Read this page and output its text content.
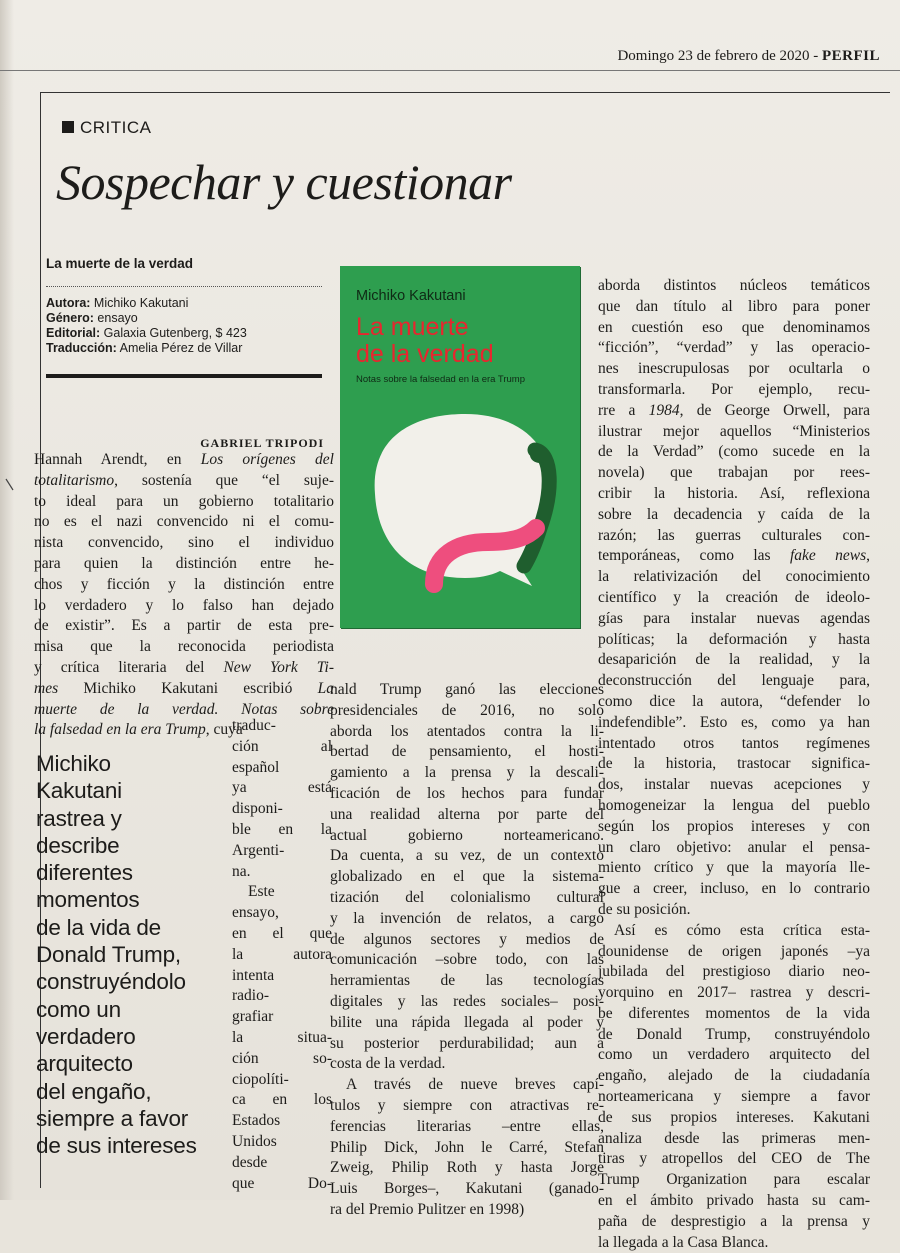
Domingo 23 de febrero de 2020 - PERFIL
CRITICA
Sospechar y cuestionar
La muerte de la verdad
Autora: Michiko Kakutani
Género: ensayo
Editorial: Galaxia Gutenberg, $ 423
Traducción: Amelia Pérez de Villar
GABRIEL TRIPODI
Michiko Kakutani
La muerte
de la verdad
Notas sobre la falsedad en la era Trump
Hannah Arendt, en Los orígenes del
totalitarismo, sostenía que “el suje-
to ideal para un gobierno totalitario
no es el nazi convencido ni el comu-
nista convencido, sino el individuo
para quien la distinción entre he-
chos y ficción y la distinción entre
lo verdadero y lo falso han dejado
de existir”. Es a partir de esta pre-
misa que la reconocida periodista
y crítica literaria del New York Ti-
mes Michiko Kakutani escribió La
muerte de la verdad. Notas sobre
la falsedad en la era Trump, cuya
traduc-
ción al
español
ya está
disponi-
ble en la
Argenti-
na.
Este
ensayo,
en el que
la autora
intenta
radio-
grafiar
la situa-
ción so-
ciopolíti-
ca en los
Estados
Unidos
desde
que Do-
Michiko
Kakutani
rastrea y
describe
diferentes
momentos
de la vida de
Donald Trump,
construyéndolo
como un
verdadero
arquitecto
del engaño,
siempre a favor
de sus intereses
nald Trump ganó las elecciones
presidenciales de 2016, no solo
aborda los atentados contra la li-
bertad de pensamiento, el hosti-
gamiento a la prensa y la descali-
ficación de los hechos para fundar
una realidad alterna por parte del
actual gobierno norteamericano.
Da cuenta, a su vez, de un contexto
globalizado en el que la sistema-
tización del colonialismo cultural
y la invención de relatos, a cargo
de algunos sectores y medios de
comunicación –sobre todo, con las
herramientas de las tecnologías
digitales y las redes sociales– posi-
bilite una rápida llegada al poder y
su posterior perdurabilidad; aun a
costa de la verdad.
A través de nueve breves capí-
tulos y siempre con atractivas re-
ferencias literarias –entre ellas,
Philip Dick, John le Carré, Stefan
Zweig, Philip Roth y hasta Jorge
Luis Borges–, Kakutani (ganado-
ra del Premio Pulitzer en 1998)
aborda distintos núcleos temáticos
que dan título al libro para poner
en cuestión eso que denominamos
“ficción”, “verdad” y las operacio-
nes inescrupulosas por ocultarla o
transformarla. Por ejemplo, recu-
rre a 1984, de George Orwell, para
ilustrar mejor aquellos “Ministerios
de la Verdad” (como sucede en la
novela) que trabajan por rees-
cribir la historia. Así, reflexiona
sobre la decadencia y caída de la
razón; las guerras culturales con-
temporáneas, como las fake news,
la relativización del conocimiento
científico y la creación de ideolo-
gías para instalar nuevas agendas
políticas; la deformación y hasta
desaparición de la realidad, y la
deconstrucción del lenguaje para,
como dice la autora, “defender lo
indefendible”. Esto es, como ya han
intentado otros tantos regímenes
de la historia, trastocar significa-
dos, instalar nuevas acepciones y
homogeneizar la lengua del pueblo
según los propios intereses y con
un claro objetivo: anular el pensa-
miento crítico y que la mayoría lle-
gue a creer, incluso, en lo contrario
de su posición.
Así es cómo esta crítica esta-
dounidense de origen japonés –ya
jubilada del prestigioso diario neo-
yorquino en 2017– rastrea y descri-
be diferentes momentos de la vida
de Donald Trump, construyéndolo
como un verdadero arquitecto del
engaño, alejado de la ciudadanía
norteamericana y siempre a favor
de sus propios intereses. Kakutani
analiza desde las primeras men-
tiras y atropellos del CEO de The
Trump Organization para escalar
en el ámbito privado hasta su cam-
paña de desprestigio a la prensa y
la llegada a la Casa Blanca.
